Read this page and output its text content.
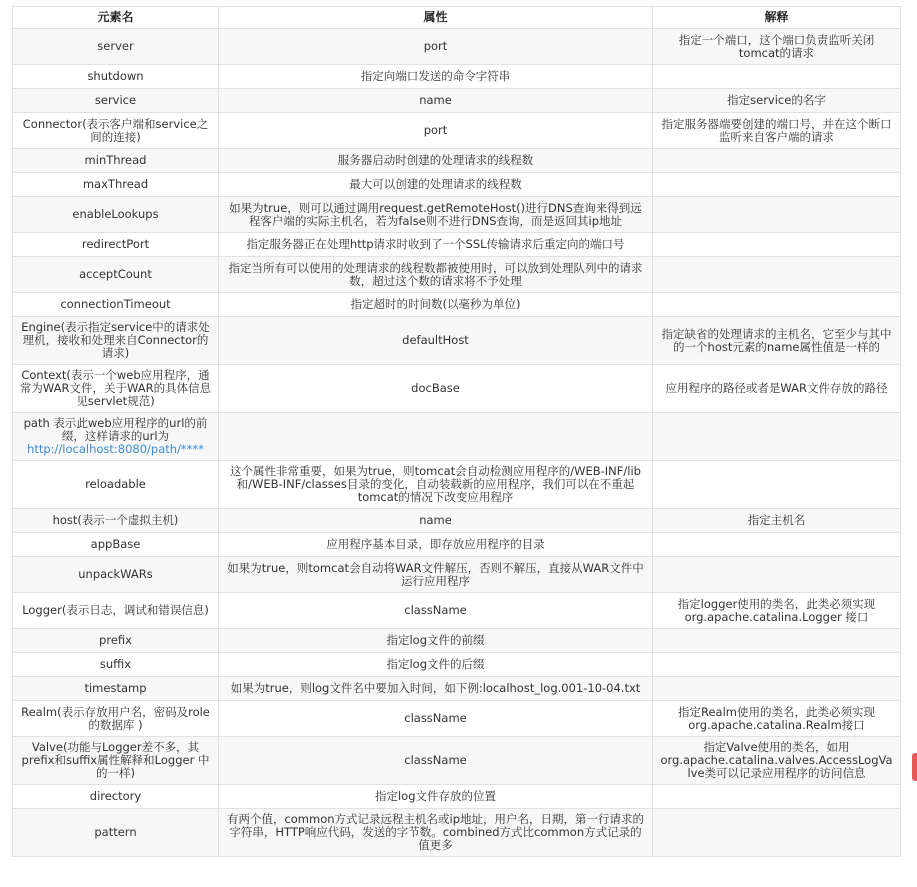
元素名	属性	解释
server	port	指定一个端口，这个端口负责监听关闭tomcat的请求
shutdown	指定向端口发送的命令字符串	
service	name	指定service的名字
Connector(表示客户端和service之间的连接)	port	指定服务器端要创建的端口号，并在这个断口监听来自客户端的请求
minThread	服务器启动时创建的处理请求的线程数	
maxThread	最大可以创建的处理请求的线程数	
enableLookups	如果为true，则可以通过调用request.getRemoteHost()进行DNS查询来得到远程客户端的实际主机名，若为false则不进行DNS查询，而是返回其ip地址	
redirectPort	指定服务器正在处理http请求时收到了一个SSL传输请求后重定向的端口号	
acceptCount	指定当所有可以使用的处理请求的线程数都被使用时，可以放到处理队列中的请求数，超过这个数的请求将不予处理	
connectionTimeout	指定超时的时间数(以毫秒为单位)	
Engine(表示指定service中的请求处理机，接收和处理来自Connector的请求)	defaultHost	指定缺省的处理请求的主机名，它至少与其中的一个host元素的name属性值是一样的
Context(表示一个web应用程序，通常为WAR文件，关于WAR的具体信息见servlet规范)	docBase	应用程序的路径或者是WAR文件存放的路径
path 表示此web应用程序的url的前缀，这样请求的url为
http://localhost:8080/path/****		
reloadable	这个属性非常重要，如果为true，则tomcat会自动检测应用程序的/WEB-INF/lib 和/WEB-INF/classes目录的变化，自动装载新的应用程序，我们可以在不重起tomcat的情况下改变应用程序	
host(表示一个虚拟主机)	name	指定主机名
appBase	应用程序基本目录，即存放应用程序的目录	
unpackWARs	如果为true，则tomcat会自动将WAR文件解压，否则不解压，直接从WAR文件中运行应用程序	
Logger(表示日志，调试和错误信息)	className	指定logger使用的类名，此类必须实现org.apache.catalina.Logger 接口
prefix	指定log文件的前缀	
suffix	指定log文件的后缀	
timestamp	如果为true，则log文件名中要加入时间，如下例:localhost_log.001-10-04.txt	
Realm(表示存放用户名，密码及role的数据库 )	className	指定Realm使用的类名，此类必须实现org.apache.catalina.Realm接口
Valve(功能与Logger差不多，其prefix和suffix属性解释和Logger 中的一样)	className	指定Valve使用的类名，如用org.apache.catalina.valves.AccessLogValve类可以记录应用程序的访问信息
directory	指定log文件存放的位置	
pattern	有两个值，common方式记录远程主机名或ip地址，用户名，日期，第一行请求的字符串，HTTP响应代码，发送的字节数。combined方式比common方式记录的值更多	
